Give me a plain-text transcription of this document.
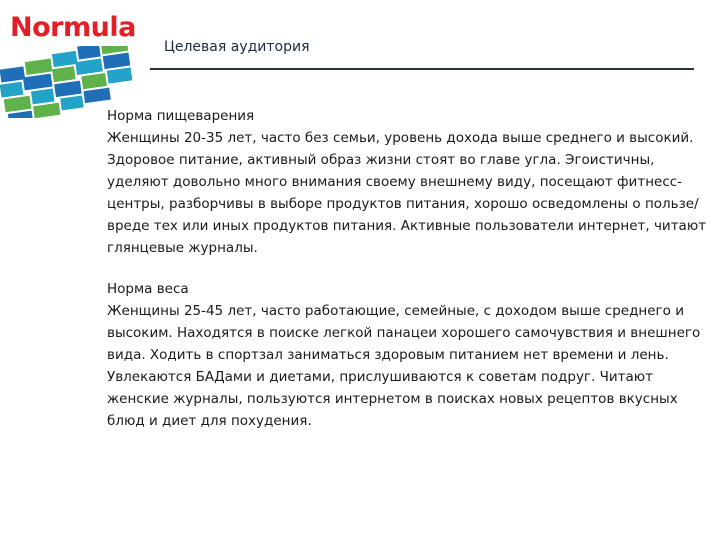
Normula
Целевая аудитория
Норма пищеварения

Женщины 20-35 лет, часто без семьи, уровень дохода выше среднего и высокий.

Здоровое питание, активный образ жизни стоят во главе угла. Эгоистичны, уделяют довольно много внимания своему внешнему виду, посещают фитнесс-центры, разборчивы в выборе продуктов питания, хорошо осведомлены о пользе/вреде тех или иных продуктов питания. Активные пользователи интернет, читают глянцевые журналы.

Норма веса

Женщины 25-45 лет, часто работающие, семейные, с доходом выше среднего и высоким. Находятся в поиске легкой панацеи хорошего самочувствия и внешнего вида. Ходить в спортзал заниматься здоровым питанием нет времени и лень. Увлекаются БАДами и диетами, прислушиваются к советам подруг. Читают женские журналы, пользуются интернетом в поисках новых рецептов вкусных блюд и диет для похудения.
